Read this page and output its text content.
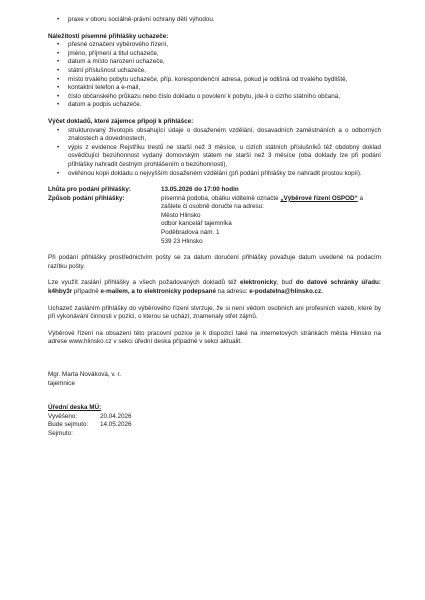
• praxe v oboru sociálně-právní ochrany dětí výhodou.

Náležitosti písemné přihlášky uchazeče:

• přesné označení výběrového řízení,
• jméno, příjmení a titul uchazeče,
• datum a místo narození uchazeče,
• státní příslušnost uchazeče,
• místo trvalého pobytu uchazeče, příp. korespondenční adresa, pokud je odlišná od trvalého bydliště,
• kontaktní telefon a e-mail,
• číslo občanského průkazu nebo číslo dokladu o povolení k pobytu, jde-li o cizího státního občana,
• datum a podpis uchazeče.

Výčet dokladů, které zájemce připojí k přihlášce:

• strukturovaný životopis obsahující údaje o dosaženém vzdělání, dosavadních zaměstnáních a o odborných znalostech a dovednostech,
• výpis z evidence Rejstříku trestů ne starší než 3 měsíce, u cizích státních příslušníků též obdobný doklad osvědčující bezúhonnost vydaný domovským státem ne starší než 3 měsíce (oba doklady lze při podání přihlášky nahradit čestným prohlášením o bezúhonnosti),
• ověřenou kopii dokladu o nejvyšším dosaženém vzdělání (při podání přihlášky lze nahradit prostou kopií).
Lhůta pro podání přihlášky:	13.05.2026 do 17:00 hodin
Způsob podání přihlášky:	písemná podoba, obálku viditelně označte „Výběrové řízení OSPOD“ a zašlete či osobně doručte na adresu:
Město Hlinsko
odbor kancelář tajemníka
Poděbradova nám. 1
539 23 Hlinsko

Při podání přihlášky prostřednictvím pošty se za datum doručení přihlášky považuje datum uvedené na podacím razítku pošty.

Lze využít zaslání přihlášky a všech požadovaných dokladů též elektronicky, buď do datové schránky úřadu: k4hby3r případně e-mailem, a to elektronicky podepsané na adresu: e-podatelna@hlinsko.cz.

Uchazeč zasláním přihlášky do výběrového řízení stvrzuje, že si není vědom osobních ani profesních vazeb, které by při vykonávání činnosti v pozici, o kterou se uchází, znamenaly střet zájmů.

Výběrové řízení na obsazení této pracovní pozice je k dispozici také na internetových stránkách města Hlinsko na adrese www.hlinsko.cz v sekci úřední deska případně v sekci aktualit.

Mgr. Marta Nováková, v. r.
tajemnice
Úřední deska MÚ:
Vyvěšeno:	20.04.2026
Bude sejmuto:	14.05.2026
Sejmuto:
